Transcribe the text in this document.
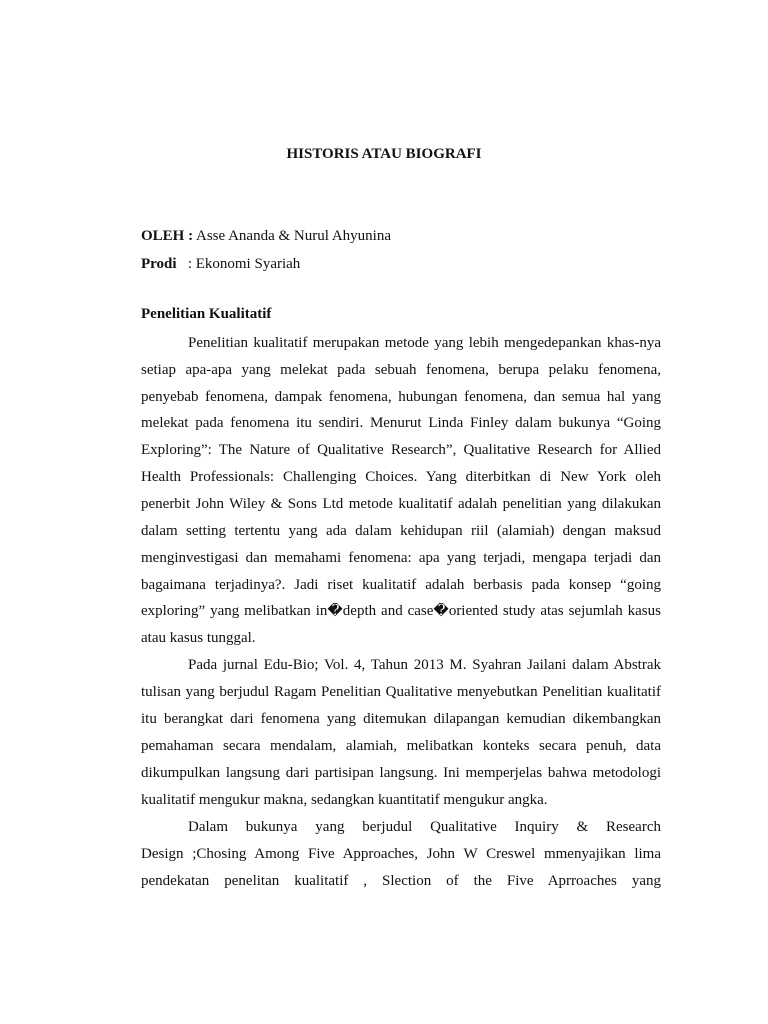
HISTORIS ATAU BIOGRAFI
OLEH : Asse Ananda & Nurul Ahyunina
Prodi   : Ekonomi Syariah
Penelitian Kualitatif
Penelitian kualitatif merupakan metode yang lebih mengedepankan khas-nya
setiap apa-apa yang melekat pada sebuah fenomena, berupa pelaku fenomena,
penyebab fenomena, dampak fenomena, hubungan fenomena, dan semua hal yang
melekat pada fenomena itu sendiri. Menurut Linda Finley dalam bukunya “Going
Exploring”: The Nature of Qualitative Research”, Qualitative Research for Allied
Health Professionals: Challenging Choices. Yang diterbitkan di New York oleh
penerbit John Wiley & Sons Ltd metode kualitatif adalah penelitian yang dilakukan
dalam setting tertentu yang ada dalam kehidupan riil (alamiah) dengan maksud
menginvestigasi dan memahami fenomena: apa yang terjadi, mengapa terjadi dan
bagaimana terjadinya?. Jadi riset kualitatif adalah berbasis pada konsep “going
exploring” yang melibatkan in�depth and case�oriented study atas sejumlah kasus
atau kasus tunggal.
Pada jurnal Edu-Bio; Vol. 4, Tahun 2013 M. Syahran Jailani dalam Abstrak
tulisan yang berjudul Ragam Penelitian Qualitative menyebutkan Penelitian kualitatif
itu berangkat dari fenomena yang ditemukan dilapangan kemudian dikembangkan
pemahaman secara mendalam, alamiah, melibatkan konteks secara penuh, data
dikumpulkan langsung dari partisipan langsung. Ini memperjelas bahwa metodologi
kualitatif mengukur makna, sedangkan kuantitatif mengukur angka.
Dalam bukunya yang berjudul Qualitative Inquiry & Research
Design ;Chosing Among Five Approaches, John W Creswel mmenyajikan lima
pendekatan penelitan kualitatif , Slection of the Five Aprroaches yang
